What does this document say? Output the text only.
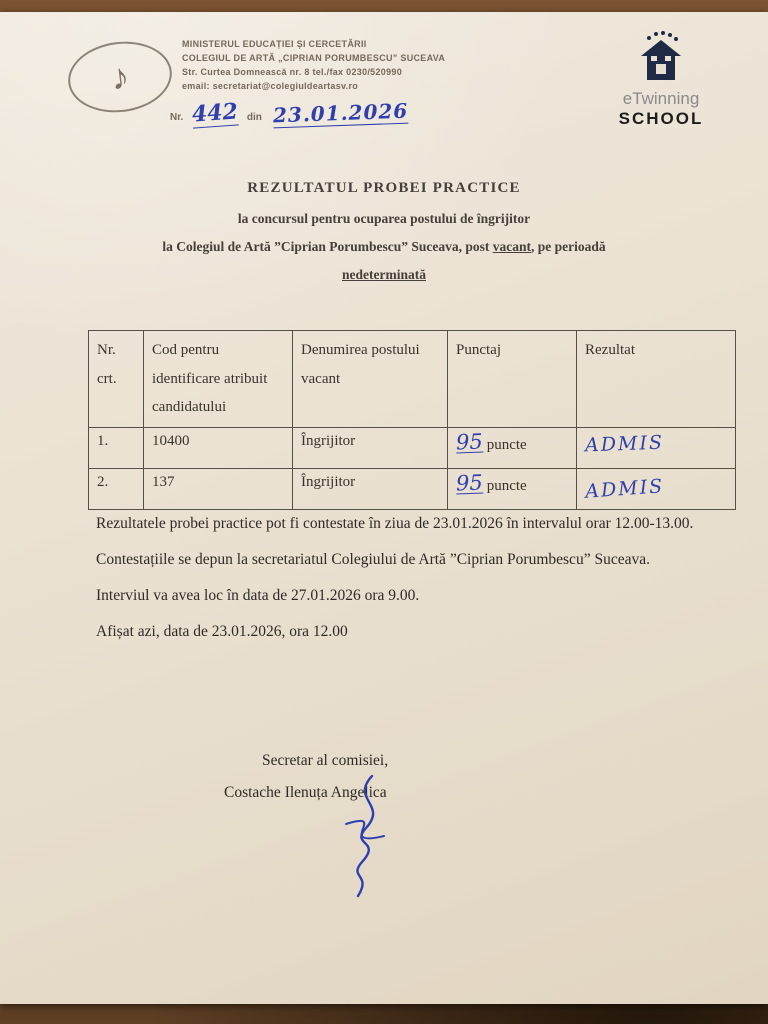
♪
MINISTERUL EDUCAȚIEI ȘI CERCETĂRII
COLEGIUL DE ARTĂ „CIPRIAN PORUMBESCU” SUCEAVA
Str. Curtea Domnească nr. 8 tel./fax 0230/520990
email: secretariat@colegiuldeartasv.ro
Nr. 442 din 23.01.2026
eTwinning
SCHOOL
REZULTATUL PROBEI PRACTICE
la concursul pentru ocuparea postului de îngrijitor
la Colegiul de Artă ”Ciprian Porumbescu” Suceava, post vacant, pe perioadă
nedeterminată
Nr. crt.	Cod pentru identificare atribuit candidatului	Denumirea postului vacant	Punctaj	Rezultat
1.	10400	Îngrijitor	95 puncte	ADMIS
2.	137	Îngrijitor	95 puncte	ADMIS

Rezultatele probei practice pot fi contestate în ziua de 23.01.2026 în intervalul orar 12.00-13.00.

Contestațiile se depun la secretariatul Colegiului de Artă ”Ciprian Porumbescu” Suceava.

Interviul va avea loc în data de 27.01.2026 ora 9.00.

Afișat azi, data de 23.01.2026, ora 12.00

Secretar al comisiei,
Costache Ilenuța Angelica
